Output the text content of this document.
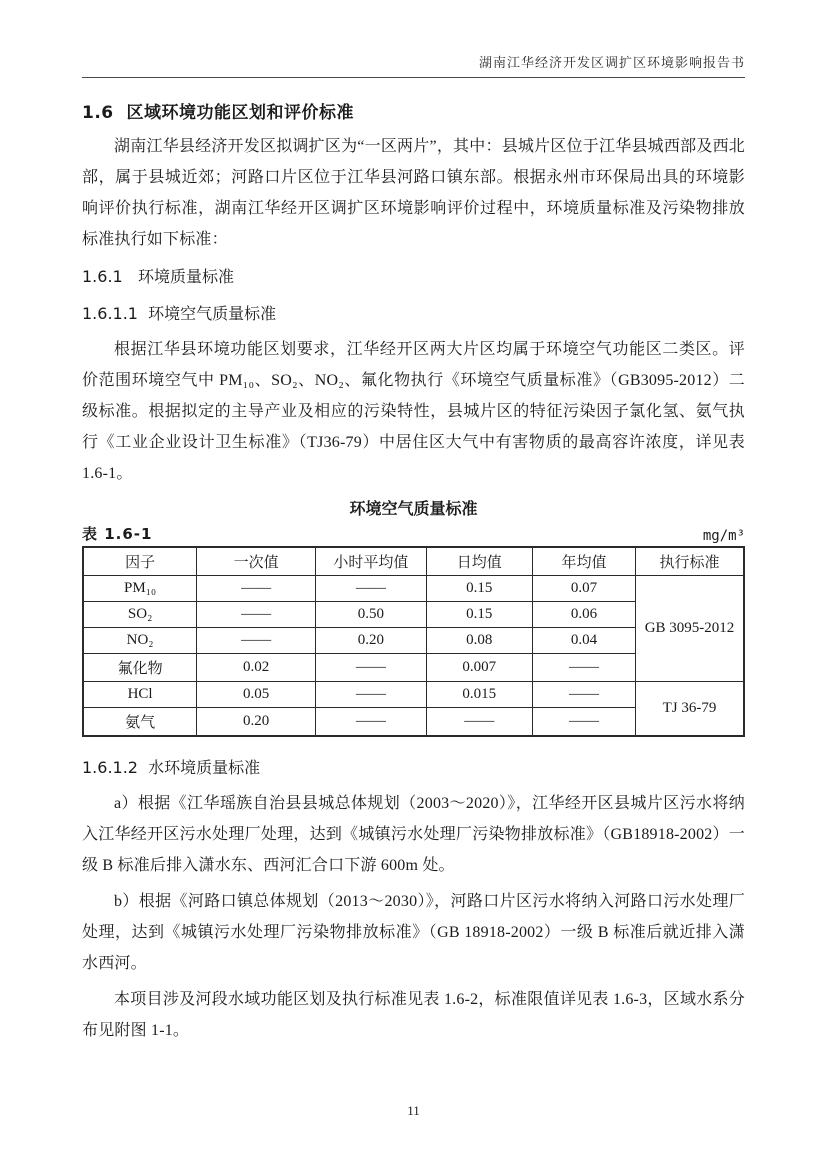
湖南江华经济开发区调扩区环境影响报告书
1.6  区域环境功能区划和评价标准

湖南江华县经济开发区拟调扩区为“一区两片”，其中：县城片区位于江华县城西部及西北部，属于县城近郊；河路口片区位于江华县河路口镇东部。根据永州市环保局出具的环境影响评价执行标准，湖南江华经开区调扩区环境影响评价过程中，环境质量标准及污染物排放标准执行如下标准：

1.6.1   环境质量标准
1.6.1.1  环境空气质量标准

根据江华县环境功能区划要求，江华经开区两大片区均属于环境空气功能区二类区。评价范围环境空气中 PM₁₀、SO₂、NO₂、氟化物执行《环境空气质量标准》（GB3095-2012）二级标准。根据拟定的主导产业及相应的污染特性，县城片区的特征污染因子氯化氢、氨气执行《工业企业设计卫生标准》（TJ36-79）中居住区大气中有害物质的最高容许浓度，详见表 1.6-1。

环境空气质量标准
表 1.6-1	mg/m³
因子	一次值	小时平均值	日均值	年均值	执行标准
PM₁₀	——	——	0.15	0.07	GB 3095-2012
SO₂	——	0.50	0.15	0.06	
NO₂	——	0.20	0.08	0.04	
氟化物	0.02	——	0.007	——	
HCl	0.05	——	0.015	——	TJ 36-79
氨气	0.20	——	——	——	
1.6.1.2  水环境质量标准

a）根据《江华瑶族自治县县城总体规划（2003～2020）》，江华经开区县城片区污水将纳入江华经开区污水处理厂处理，达到《城镇污水处理厂污染物排放标准》（GB18918-2002）一级 B 标准后排入潇水东、西河汇合口下游 600m 处。

b）根据《河路口镇总体规划（2013～2030）》，河路口片区污水将纳入河路口污水处理厂处理，达到《城镇污水处理厂污染物排放标准》（GB 18918-2002）一级 B 标准后就近排入潇水西河。

本项目涉及河段水域功能区划及执行标准见表 1.6-2，标准限值详见表 1.6-3，区域水系分布见附图 1-1。

11
